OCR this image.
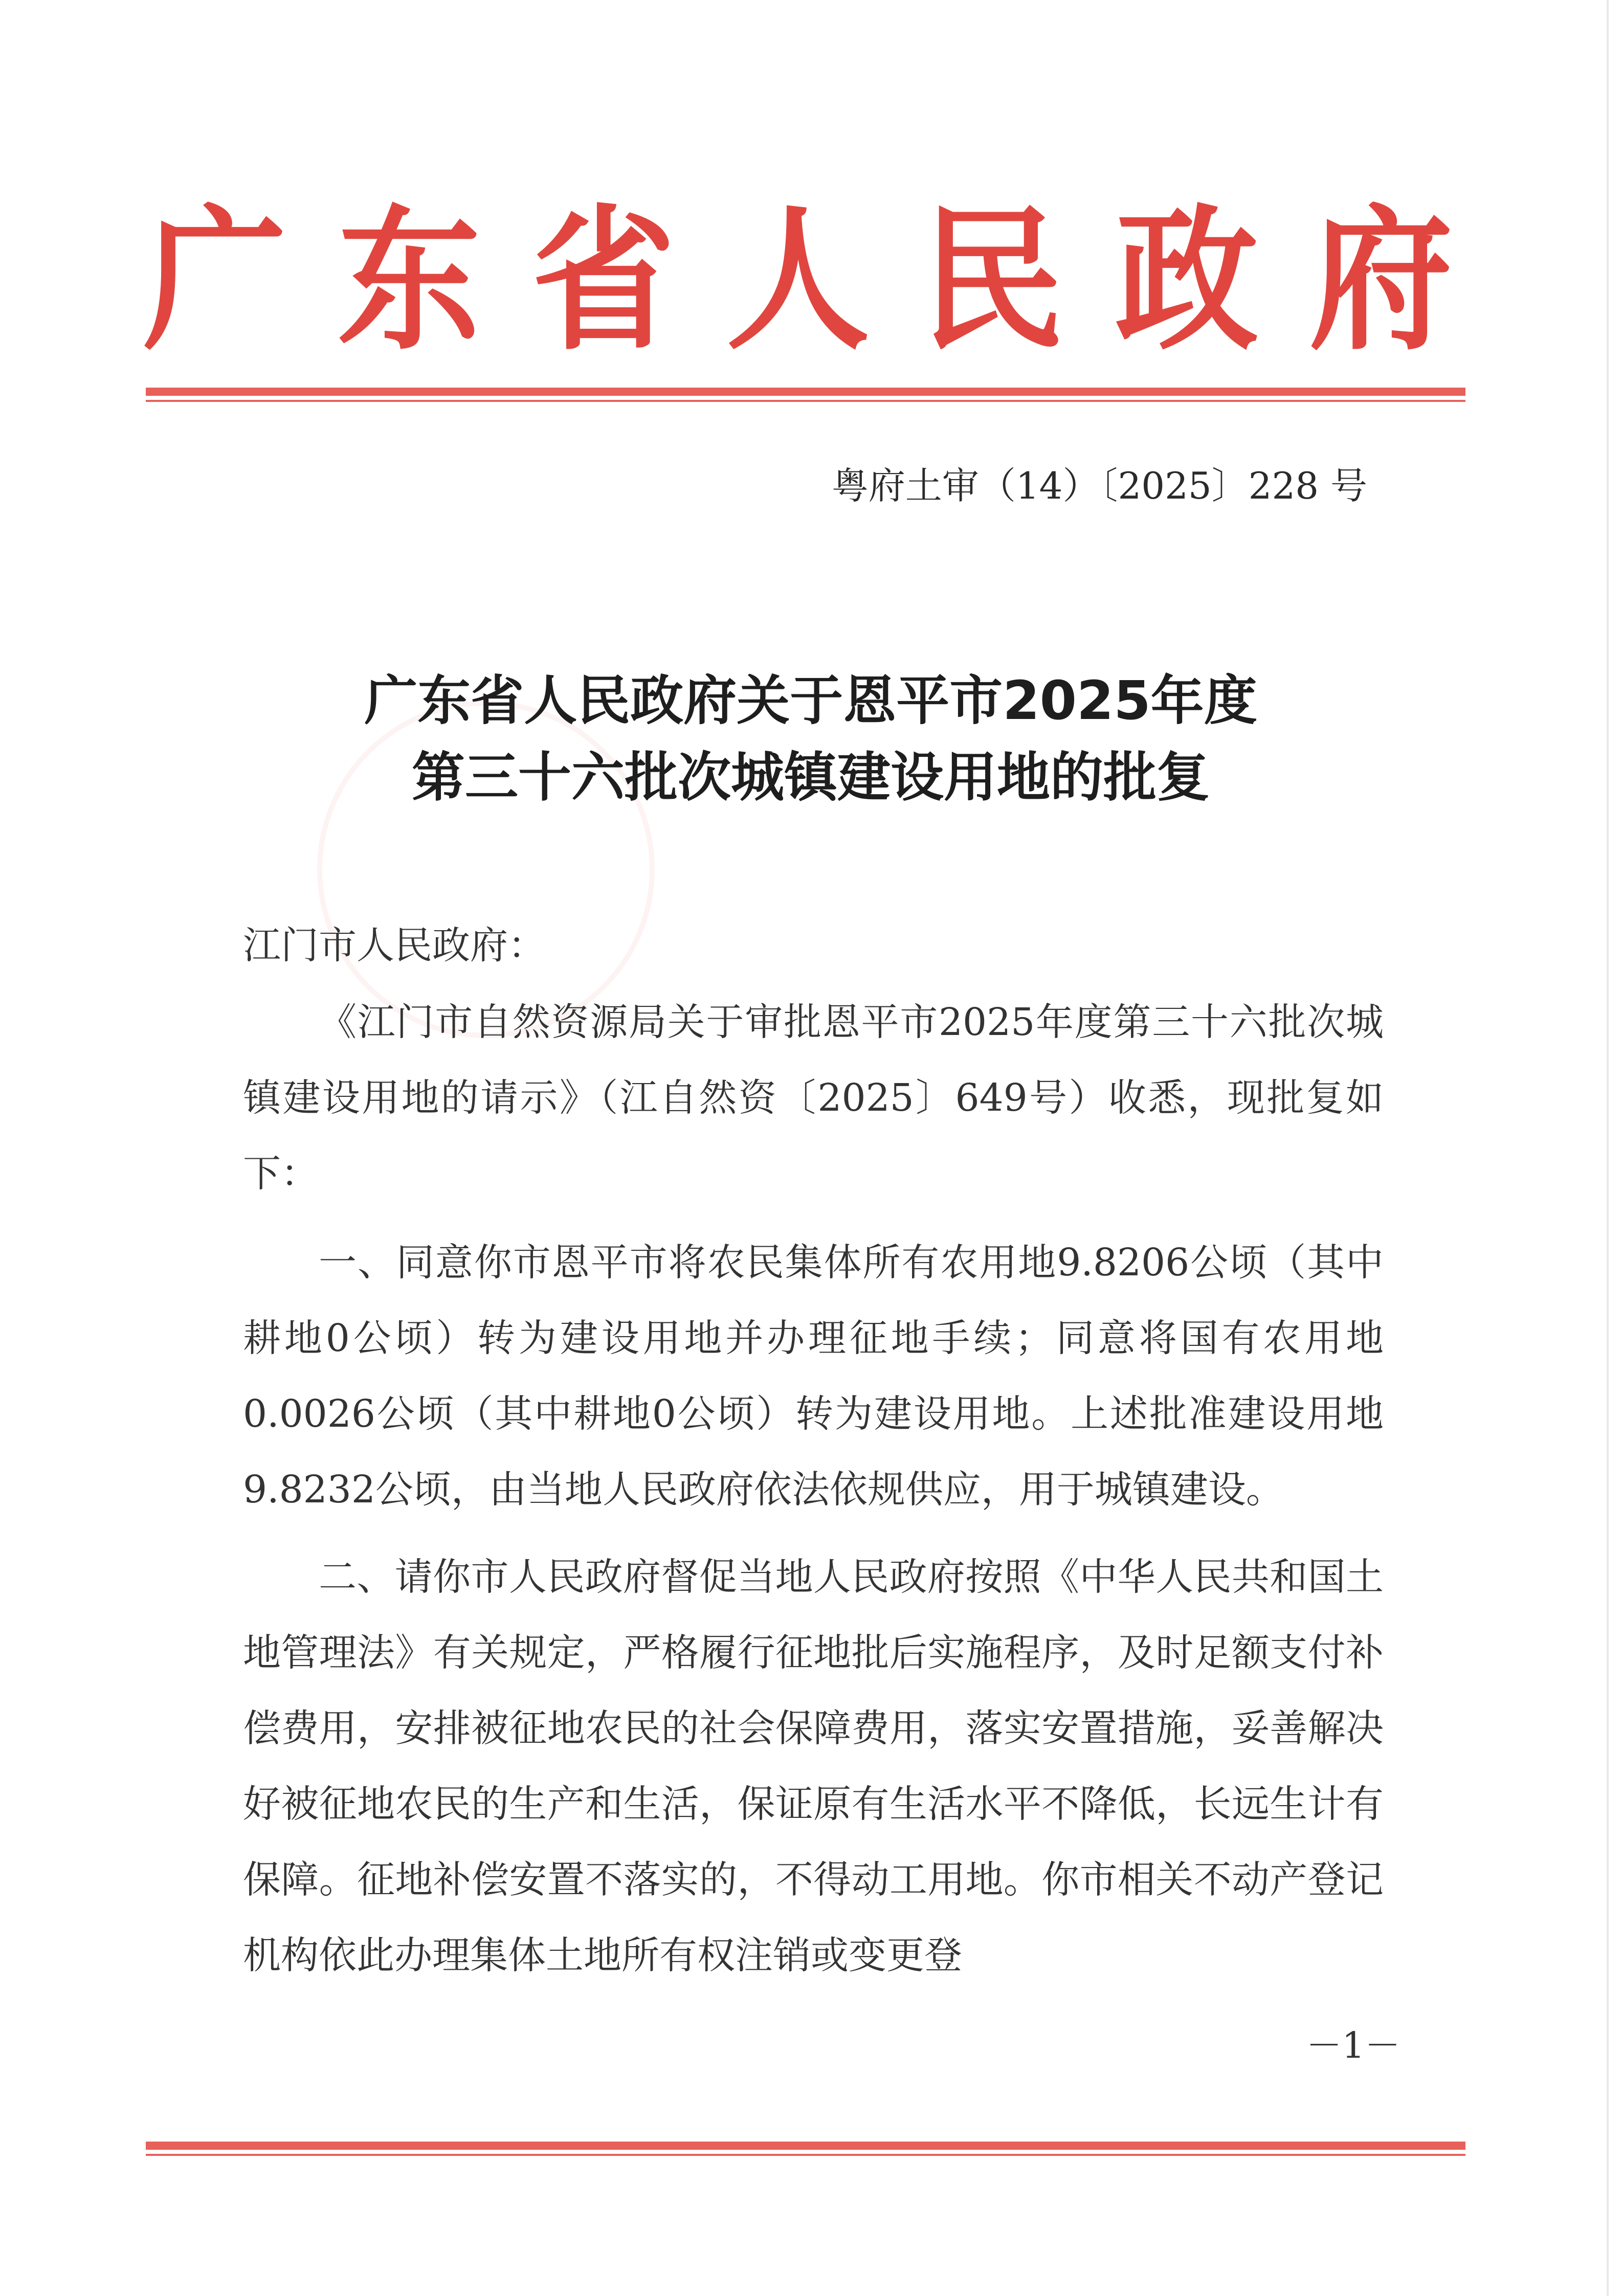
广 东 省 人 民 政 府
粤府土审（14）〔2025〕228 号
广东省人民政府关于恩平市2025年度
第三十六批次城镇建设用地的批复
江门市人民政府：
《江门市自然资源局关于审批恩平市2025年度第三十六批次城镇建设用地的请示》（江自然资〔2025〕649号）收悉，现批复如下：
一、同意你市恩平市将农民集体所有农用地9.8206公顷（其中耕地0公顷）转为建设用地并办理征地手续；同意将国有农用地0.0026公顷（其中耕地0公顷）转为建设用地。上述批准建设用地9.8232公顷，由当地人民政府依法依规供应，用于城镇建设。
二、请你市人民政府督促当地人民政府按照《中华人民共和国土地管理法》有关规定，严格履行征地批后实施程序，及时足额支付补偿费用，安排被征地农民的社会保障费用，落实安置措施，妥善解决好被征地农民的生产和生活，保证原有生活水平不降低，长远生计有保障。征地补偿安置不落实的，不得动工用地。你市相关不动产登记机构依此办理集体土地所有权注销或变更登
－1－
